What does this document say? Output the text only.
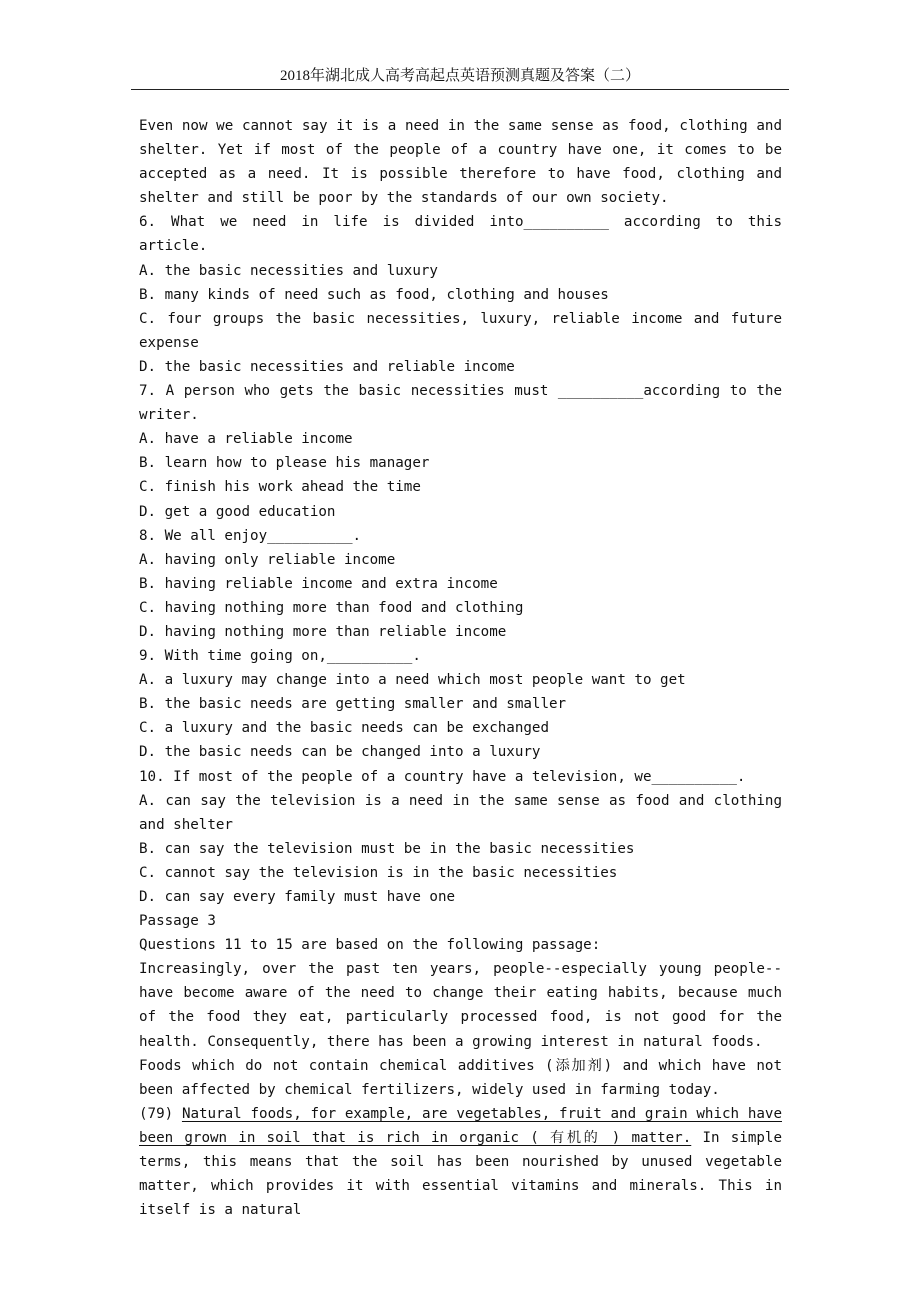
2018年湖北成人高考高起点英语预测真题及答案（二）

Even now we cannot say it is a need in the same sense as food, clothing and shelter. Yet if most of the people of a country have one, it comes to be accepted as a need. It is possible therefore to have food, clothing and shelter and still be poor by the standards of our own society.

6. What we need in life is divided into__________ according to this article.

A. the basic necessities and luxury

B. many kinds of need such as food, clothing and houses

C. four groups the basic necessities, luxury, reliable income and future expense

D. the basic necessities and reliable income

7. A person who gets the basic necessities must __________according to the writer.

A. have a reliable income

B. learn how to please his manager

C. finish his work ahead the time

D. get a good education

8. We all enjoy__________.

A. having only reliable income

B. having reliable income and extra income

C. having nothing more than food and clothing

D. having nothing more than reliable income

9. With time going on,__________.

A. a luxury may change into a need which most people want to get

B. the basic needs are getting smaller and smaller

C. a luxury and the basic needs can be exchanged

D. the basic needs can be changed into a luxury

10. If most of the people of a country have a television, we__________.

A. can say the television is a need in the same sense as food and clothing and shelter

B. can say the television must be in the basic necessities

C. cannot say the television is in the basic necessities

D. can say every family must have one

Passage 3

Questions 11 to 15 are based on the following passage:

Increasingly, over the past ten years, people--especially young people--have become aware of the need to change their eating habits, because much of the food they eat, particularly processed food, is not good for the health. Consequently, there has been a growing interest in natural foods.

Foods which do not contain chemical additives (添加剂) and which have not been affected by chemical fertilizers, widely used in farming today.

(79) Natural foods, for example, are vegetables, fruit and grain which have been grown in soil that is rich in organic ( 有机的 ) matter. In simple terms, this means that the soil has been nourished by unused vegetable matter, which provides it with essential vitamins and minerals. This in itself is a natural
